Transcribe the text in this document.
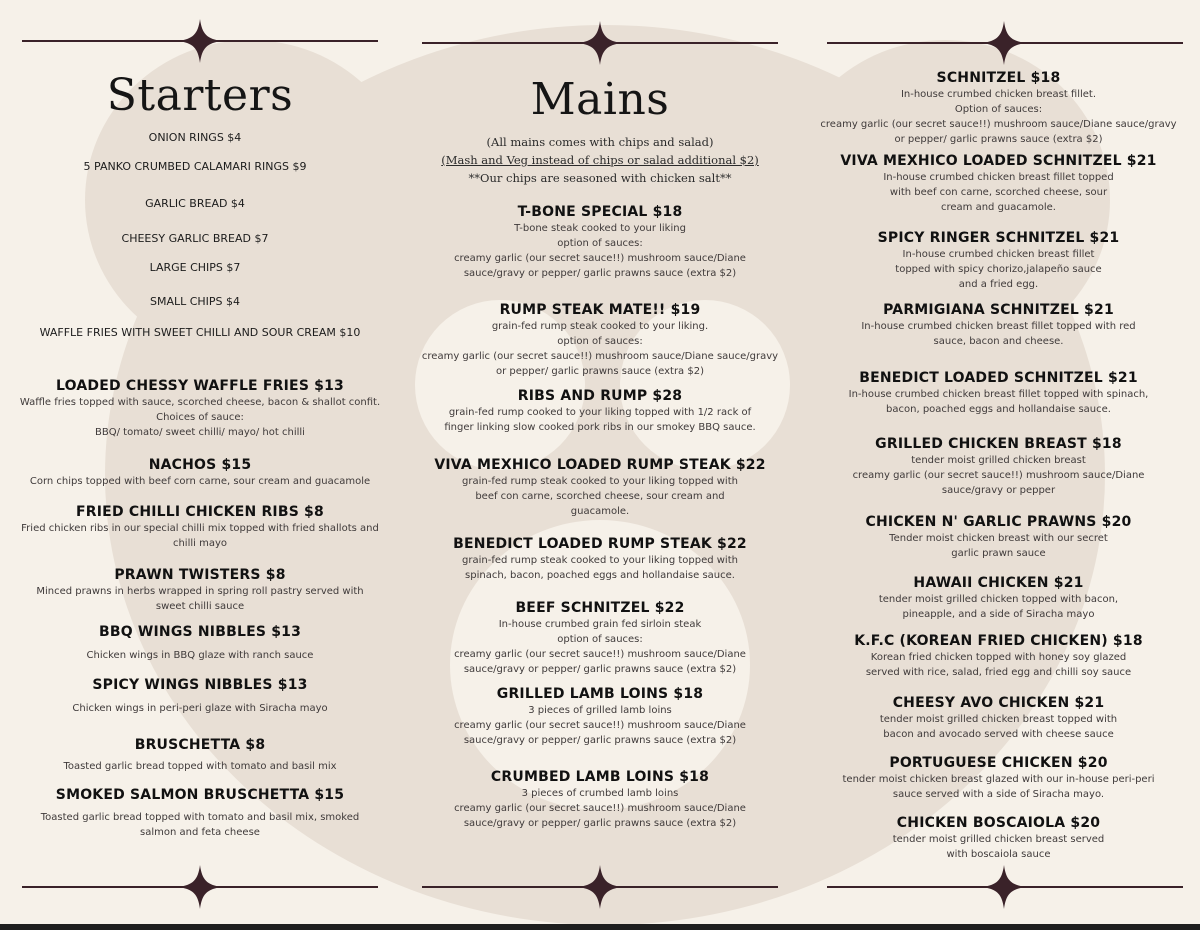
Starters
ONION RINGS $4
5 PANKO CRUMBED CALAMARI RINGS $9
GARLIC BREAD $4
CHEESY GARLIC BREAD $7
LARGE CHIPS $7
SMALL CHIPS $4
WAFFLE FRIES WITH SWEET CHILLI AND SOUR CREAM $10
LOADED CHESSY WAFFLE FRIES $13
Waffle fries topped with sauce, scorched cheese, bacon & shallot confit.
Choices of sauce:
BBQ/ tomato/ sweet chilli/ mayo/ hot chilli
NACHOS $15
Corn chips topped with beef corn carne, sour cream and guacamole
FRIED CHILLI CHICKEN RIBS $8
Fried chicken ribs in our special chilli mix topped with fried shallots and
chilli mayo
PRAWN TWISTERS $8
Minced prawns in herbs wrapped in spring roll pastry served with
sweet chilli sauce
BBQ WINGS NIBBLES $13
Chicken wings in BBQ glaze with ranch sauce
SPICY WINGS NIBBLES $13
Chicken wings in peri-peri glaze with Siracha mayo
BRUSCHETTA $8
Toasted garlic bread topped with tomato and basil mix
SMOKED SALMON BRUSCHETTA $15
Toasted garlic bread topped with tomato and basil mix, smoked
salmon and feta cheese
Mains
(All mains comes with chips and salad)
(Mash and Veg instead of chips or salad additional $2)
**Our chips are seasoned with chicken salt**
T-BONE SPECIAL $18
T-bone steak cooked to your liking
option of sauces:
creamy garlic (our secret sauce!!) mushroom sauce/Diane
sauce/gravy or pepper/ garlic prawns sauce (extra $2)
RUMP STEAK MATE!! $19
grain-fed rump steak cooked to your liking.
option of sauces:
creamy garlic (our secret sauce!!) mushroom sauce/Diane sauce/gravy
or pepper/ garlic prawns sauce (extra $2)
RIBS AND RUMP $28
grain-fed rump cooked to your liking topped with 1/2 rack of
finger linking slow cooked pork ribs in our smokey BBQ sauce.
VIVA MEXHICO LOADED RUMP STEAK $22
grain-fed rump steak cooked to your liking topped with
beef con carne, scorched cheese, sour cream and
guacamole.
BENEDICT LOADED RUMP STEAK $22
grain-fed rump steak cooked to your liking topped with
spinach, bacon, poached eggs and hollandaise sauce.
BEEF SCHNITZEL $22
In-house crumbed grain fed sirloin steak
option of sauces:
creamy garlic (our secret sauce!!) mushroom sauce/Diane
sauce/gravy or pepper/ garlic prawns sauce (extra $2)
GRILLED LAMB LOINS $18
3 pieces of grilled lamb loins
creamy garlic (our secret sauce!!) mushroom sauce/Diane
sauce/gravy or pepper/ garlic prawns sauce (extra $2)
CRUMBED LAMB LOINS $18
3 pieces of crumbed lamb loins
creamy garlic (our secret sauce!!) mushroom sauce/Diane
sauce/gravy or pepper/ garlic prawns sauce (extra $2)
SCHNITZEL $18
In-house crumbed chicken breast fillet.
Option of sauces:
creamy garlic (our secret sauce!!) mushroom sauce/Diane sauce/gravy
or pepper/ garlic prawns sauce (extra $2)
VIVA MEXHICO LOADED SCHNITZEL $21
In-house crumbed chicken breast fillet topped
with beef con carne, scorched cheese, sour
cream and guacamole.
SPICY RINGER SCHNITZEL $21
In-house crumbed chicken breast fillet
topped with spicy chorizo,jalapeño sauce
and a fried egg.
PARMIGIANA SCHNITZEL $21
In-house crumbed chicken breast fillet topped with red
sauce, bacon and cheese.
BENEDICT LOADED SCHNITZEL $21
In-house crumbed chicken breast fillet topped with spinach,
bacon, poached eggs and hollandaise sauce.
GRILLED CHICKEN BREAST $18
tender moist grilled chicken breast
creamy garlic (our secret sauce!!) mushroom sauce/Diane
sauce/gravy or pepper
CHICKEN N' GARLIC PRAWNS $20
Tender moist chicken breast with our secret
garlic prawn sauce
HAWAII CHICKEN $21
tender moist grilled chicken topped with bacon,
pineapple, and a side of Siracha mayo
K.F.C (KOREAN FRIED CHICKEN) $18
Korean fried chicken topped with honey soy glazed
served with rice, salad, fried egg and chilli soy sauce
CHEESY AVO CHICKEN $21
tender moist grilled chicken breast topped with
bacon and avocado served with cheese sauce
PORTUGUESE CHICKEN $20
tender moist chicken breast glazed with our in-house peri-peri
sauce served with a side of Siracha mayo.
CHICKEN BOSCAIOLA $20
tender moist grilled chicken breast served
with boscaiola sauce
